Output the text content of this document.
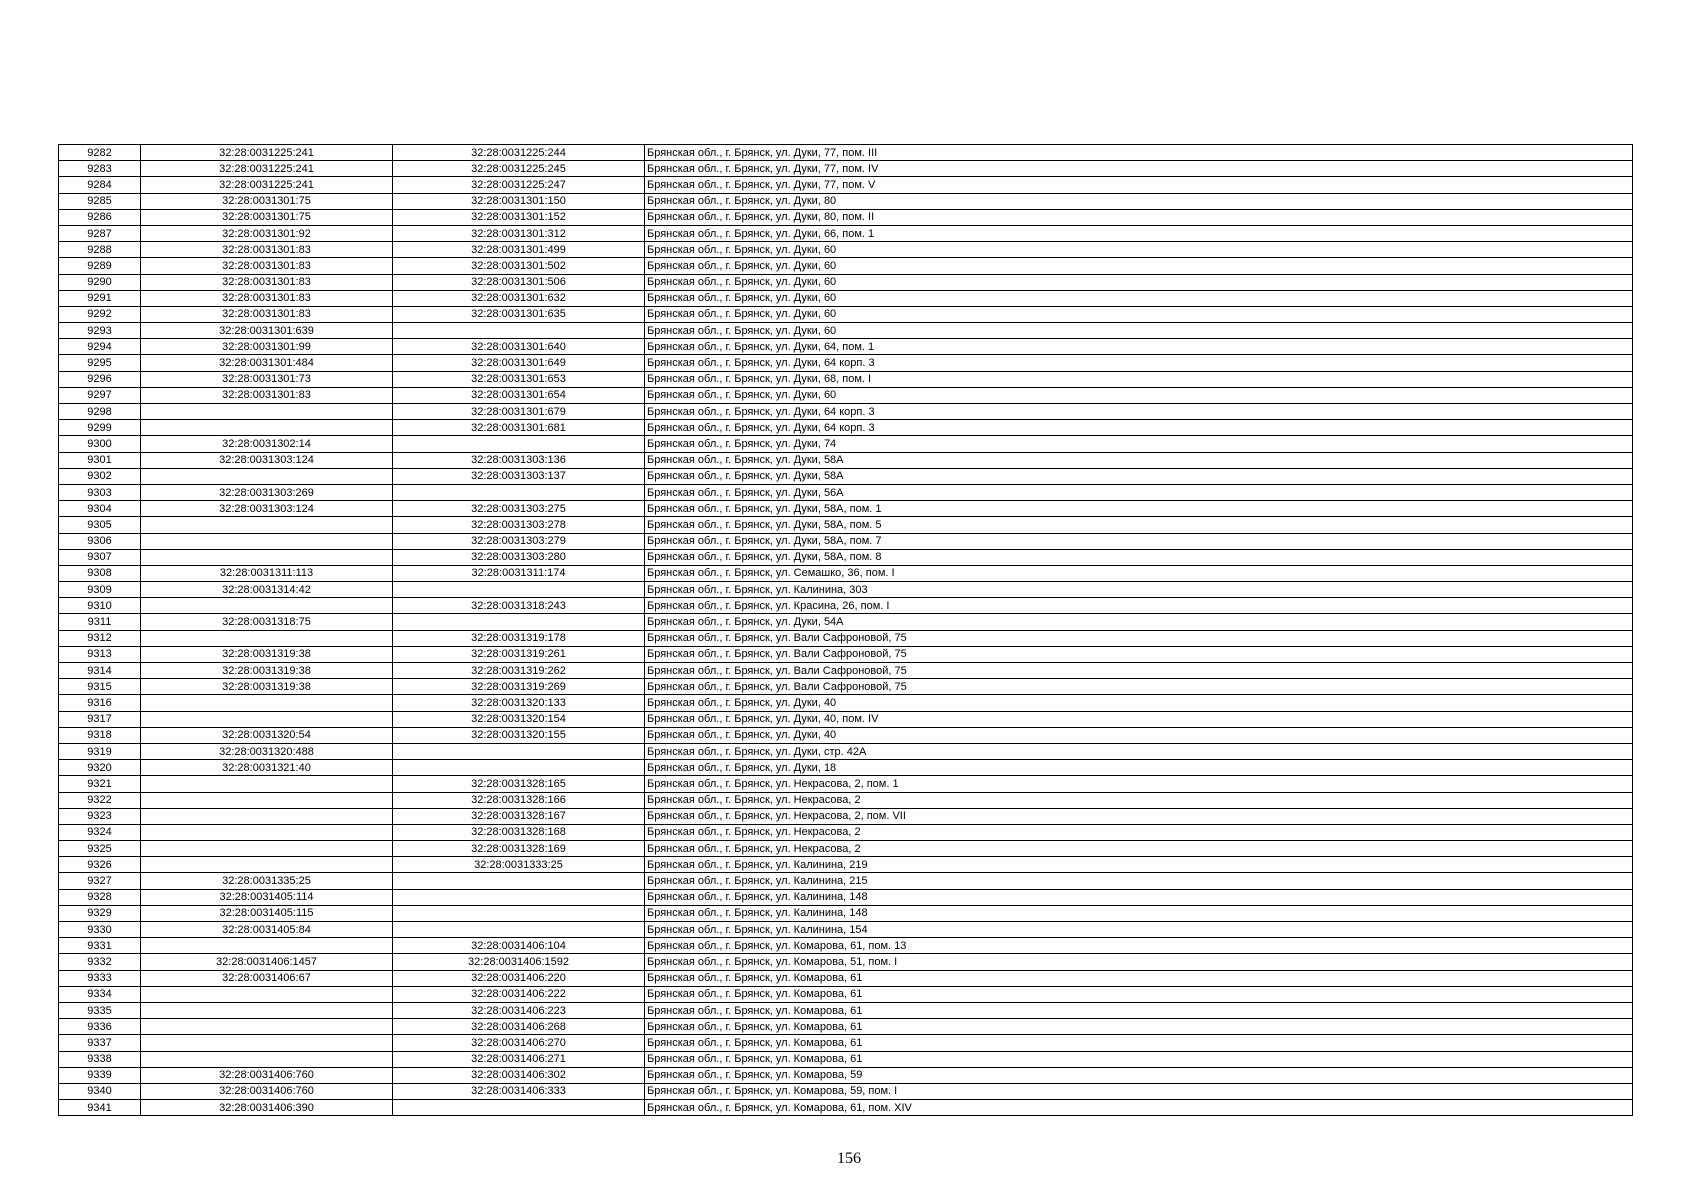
9282	32:28:0031225:241	32:28:0031225:244	Брянская обл., г. Брянск, ул. Дуки, 77, пом. III
9283	32:28:0031225:241	32:28:0031225:245	Брянская обл., г. Брянск, ул. Дуки, 77, пом. IV
9284	32:28:0031225:241	32:28:0031225:247	Брянская обл., г. Брянск, ул. Дуки, 77, пом. V
9285	32:28:0031301:75	32:28:0031301:150	Брянская обл., г. Брянск, ул. Дуки, 80
9286	32:28:0031301:75	32:28:0031301:152	Брянская обл., г. Брянск, ул. Дуки, 80, пом. II
9287	32:28:0031301:92	32:28:0031301:312	Брянская обл., г. Брянск, ул. Дуки, 66, пом. 1
9288	32:28:0031301:83	32:28:0031301:499	Брянская обл., г. Брянск, ул. Дуки, 60
9289	32:28:0031301:83	32:28:0031301:502	Брянская обл., г. Брянск, ул. Дуки, 60
9290	32:28:0031301:83	32:28:0031301:506	Брянская обл., г. Брянск, ул. Дуки, 60
9291	32:28:0031301:83	32:28:0031301:632	Брянская обл., г. Брянск, ул. Дуки, 60
9292	32:28:0031301:83	32:28:0031301:635	Брянская обл., г. Брянск, ул. Дуки, 60
9293	32:28:0031301:639		Брянская обл., г. Брянск, ул. Дуки, 60
9294	32:28:0031301:99	32:28:0031301:640	Брянская обл., г. Брянск, ул. Дуки, 64, пом. 1
9295	32:28:0031301:484	32:28:0031301:649	Брянская обл., г. Брянск, ул. Дуки, 64 корп. 3
9296	32:28:0031301:73	32:28:0031301:653	Брянская обл., г. Брянск, ул. Дуки, 68, пом. I
9297	32:28:0031301:83	32:28:0031301:654	Брянская обл., г. Брянск, ул. Дуки, 60
9298		32:28:0031301:679	Брянская обл., г. Брянск, ул. Дуки, 64 корп. 3
9299		32:28:0031301:681	Брянская обл., г. Брянск, ул. Дуки, 64 корп. 3
9300	32:28:0031302:14		Брянская обл., г. Брянск, ул. Дуки, 74
9301	32:28:0031303:124	32:28:0031303:136	Брянская обл., г. Брянск, ул. Дуки, 58А
9302		32:28:0031303:137	Брянская обл., г. Брянск, ул. Дуки, 58А
9303	32:28:0031303:269		Брянская обл., г. Брянск, ул. Дуки, 56А
9304	32:28:0031303:124	32:28:0031303:275	Брянская обл., г. Брянск, ул. Дуки, 58А, пом. 1
9305		32:28:0031303:278	Брянская обл., г. Брянск, ул. Дуки, 58А, пом. 5
9306		32:28:0031303:279	Брянская обл., г. Брянск, ул. Дуки, 58А, пом. 7
9307		32:28:0031303:280	Брянская обл., г. Брянск, ул. Дуки, 58А, пом. 8
9308	32:28:0031311:113	32:28:0031311:174	Брянская обл., г. Брянск, ул. Семашко, 36, пом. I
9309	32:28:0031314:42		Брянская обл., г. Брянск, ул. Калинина, 303
9310		32:28:0031318:243	Брянская обл., г. Брянск, ул. Красина, 26, пом. I
9311	32:28:0031318:75		Брянская обл., г. Брянск, ул. Дуки, 54А
9312		32:28:0031319:178	Брянская обл., г. Брянск, ул. Вали Сафроновой, 75
9313	32:28:0031319:38	32:28:0031319:261	Брянская обл., г. Брянск, ул. Вали Сафроновой, 75
9314	32:28:0031319:38	32:28:0031319:262	Брянская обл., г. Брянск, ул. Вали Сафроновой, 75
9315	32:28:0031319:38	32:28:0031319:269	Брянская обл., г. Брянск, ул. Вали Сафроновой, 75
9316		32:28:0031320:133	Брянская обл., г. Брянск, ул. Дуки, 40
9317		32:28:0031320:154	Брянская обл., г. Брянск, ул. Дуки, 40, пом. IV
9318	32:28:0031320:54	32:28:0031320:155	Брянская обл., г. Брянск, ул. Дуки, 40
9319	32:28:0031320:488		Брянская обл., г. Брянск, ул. Дуки, стр. 42А
9320	32:28:0031321:40		Брянская обл., г. Брянск, ул. Дуки, 18
9321		32:28:0031328:165	Брянская обл., г. Брянск, ул. Некрасова, 2, пом. 1
9322		32:28:0031328:166	Брянская обл., г. Брянск, ул. Некрасова, 2
9323		32:28:0031328:167	Брянская обл., г. Брянск, ул. Некрасова, 2, пом. VII
9324		32:28:0031328:168	Брянская обл., г. Брянск, ул. Некрасова, 2
9325		32:28:0031328:169	Брянская обл., г. Брянск, ул. Некрасова, 2
9326		32:28:0031333:25	Брянская обл., г. Брянск, ул. Калинина, 219
9327	32:28:0031335:25		Брянская обл., г. Брянск, ул. Калинина, 215
9328	32:28:0031405:114		Брянская обл., г. Брянск, ул. Калинина, 148
9329	32:28:0031405:115		Брянская обл., г. Брянск, ул. Калинина, 148
9330	32:28:0031405:84		Брянская обл., г. Брянск, ул. Калинина, 154
9331		32:28:0031406:104	Брянская обл., г. Брянск, ул. Комарова, 61, пом. 13
9332	32:28:0031406:1457	32:28:0031406:1592	Брянская обл., г. Брянск, ул. Комарова, 51, пом. I
9333	32:28:0031406:67	32:28:0031406:220	Брянская обл., г. Брянск, ул. Комарова, 61
9334		32:28:0031406:222	Брянская обл., г. Брянск, ул. Комарова, 61
9335		32:28:0031406:223	Брянская обл., г. Брянск, ул. Комарова, 61
9336		32:28:0031406:268	Брянская обл., г. Брянск, ул. Комарова, 61
9337		32:28:0031406:270	Брянская обл., г. Брянск, ул. Комарова, 61
9338		32:28:0031406:271	Брянская обл., г. Брянск, ул. Комарова, 61
9339	32:28:0031406:760	32:28:0031406:302	Брянская обл., г. Брянск, ул. Комарова, 59
9340	32:28:0031406:760	32:28:0031406:333	Брянская обл., г. Брянск, ул. Комарова, 59, пом. I
9341	32:28:0031406:390		Брянская обл., г. Брянск, ул. Комарова, 61, пом. XIV
156
